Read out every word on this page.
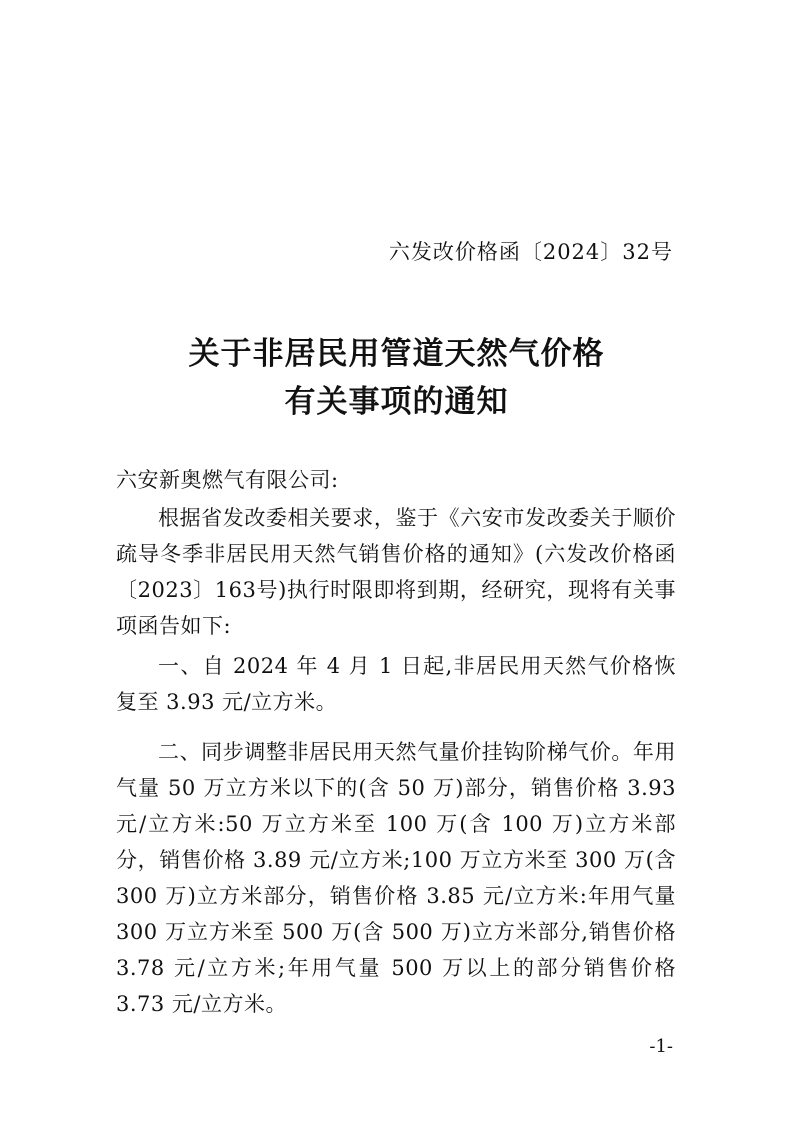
六发改价格函〔2024〕32号
关于非居民用管道天然气价格
有关事项的通知
六安新奥燃气有限公司:

根据省发改委相关要求，鉴于《六安市发改委关于顺价疏导冬季非居民用天然气销售价格的通知》(六发改价格函〔2023〕163号)执行时限即将到期，经研究，现将有关事项函告如下:

一、自 2024 年 4 月 1 日起,非居民用天然气价格恢复至 3.93 元/立方米。

二、同步调整非居民用天然气量价挂钩阶梯气价。年用气量 50 万立方米以下的(含 50 万)部分，销售价格 3.93 元/立方米:50 万立方米至 100 万(含 100 万)立方米部分，销售价格 3.89 元/立方米;100 万立方米至 300 万(含 300 万)立方米部分，销售价格 3.85 元/立方米:年用气量 300 万立方米至 500 万(含 500 万)立方米部分,销售价格 3.78 元/立方米;年用气量 500 万以上的部分销售价格 3.73 元/立方米。

-1-
